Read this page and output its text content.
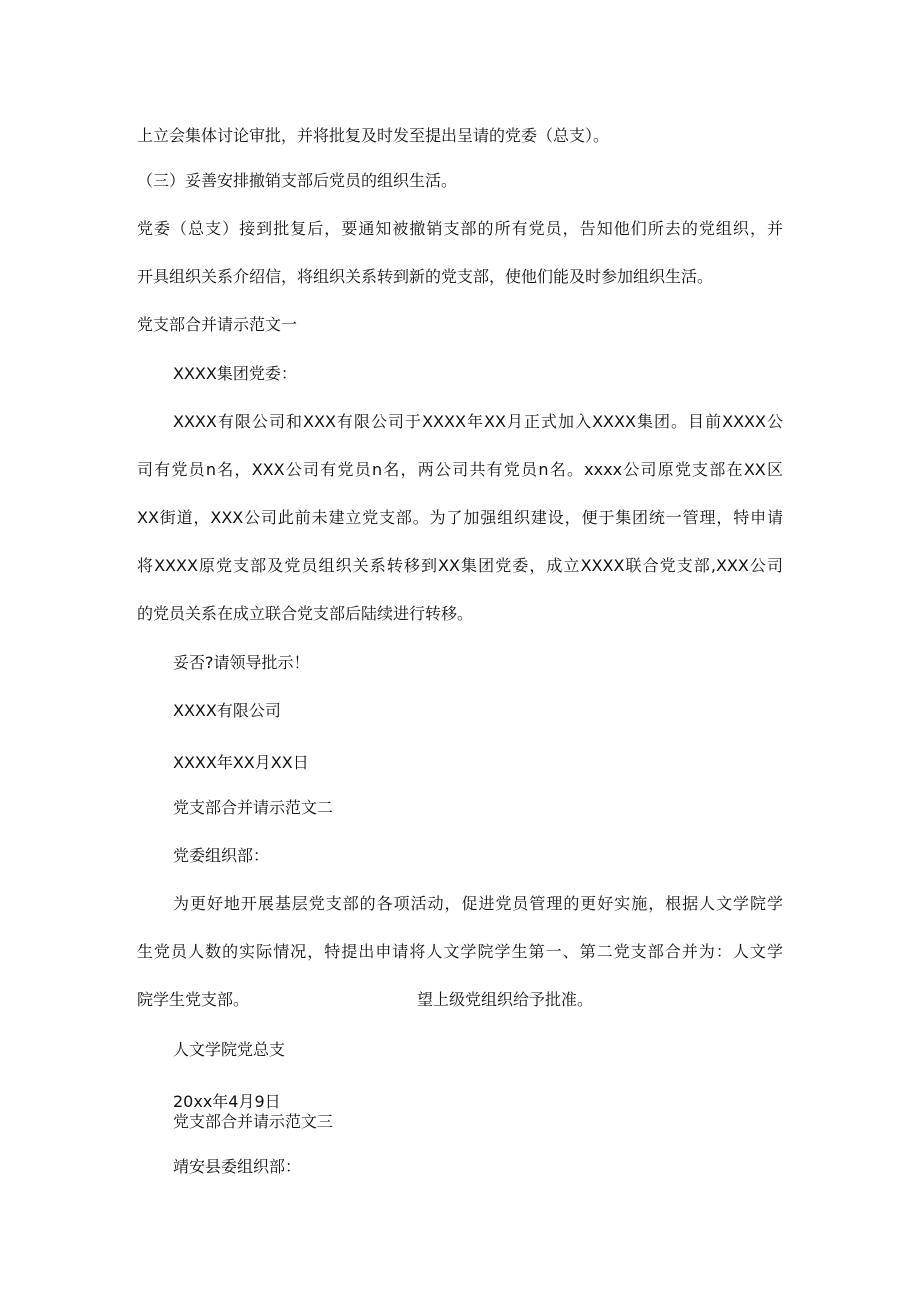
上立会集体讨论审批，并将批复及时发至提出呈请的党委（总支）。

（三）妥善安排撤销支部后党员的组织生活。

党委（总支）接到批复后，要通知被撤销支部的所有党员，告知他们所去的党组织，并

开具组织关系介绍信，将组织关系转到新的党支部，使他们能及时参加组织生活。

党支部合并请示范文一

XXXX集团党委：

XXXX有限公司和XXX有限公司于XXXX年XX月正式加入XXXX集团。目前XXXX公

司有党员n名，XXX公司有党员n名，两公司共有党员n名。xxxx公司原党支部在XX区

XX街道，XXX公司此前未建立党支部。为了加强组织建设，便于集团统一管理，特申请

将XXXX原党支部及党员组织关系转移到XX集团党委，成立XXXX联合党支部,XXX公司

的党员关系在成立联合党支部后陆续进行转移。

妥否?请领导批示！

XXXX有限公司

XXXX年XX月XX日

党支部合并请示范文二

党委组织部：

为更好地开展基层党支部的各项活动，促进党员管理的更好实施，根据人文学院学

生党员人数的实际情况，特提出申请将人文学院学生第一、第二党支部合并为：人文学

院学生党支部。	望上级党组织给予批准。

人文学院党总支

20xx年4月9日

党支部合并请示范文三

靖安县委组织部：
